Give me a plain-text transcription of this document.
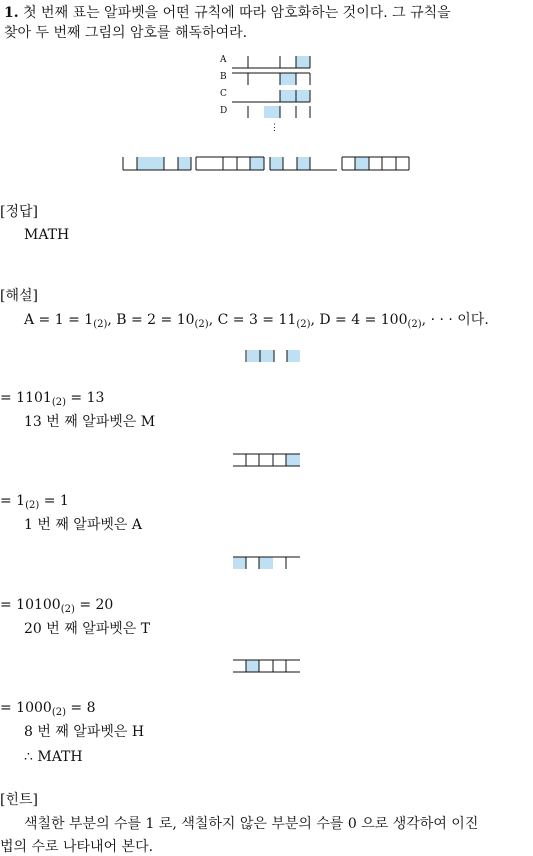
1. 첫 번째 표는 알파벳을 어떤 규칙에 따라 암호화하는 것이다. 그 규칙을
찾아 두 번째 그림의 암호를 해독하여라.
A
B
C
D
⋮
[정답]
MATH
[해설]
$A = 1 = 1_{(2)}$, $B = 2 = 10_{(2)}$, $C = 3 = 11_{(2)}$, $D = 4 = 100_{(2)}$, · · · 이다.
= $1101_{(2)} = 13$
13 번 째 알파벳은 M
= $1_{(2)} = 1$
1 번 째 알파벳은 A
= $10100_{(2)} = 20$
20 번 째 알파벳은 T
= $1000_{(2)} = 8$
8 번 째 알파벳은 H
∴ MATH
[힌트]
색칠한 부분의 수를 1 로, 색칠하지 않은 부분의 수를 0 으로 생각하여 이진
법의 수로 나타내어 본다.
